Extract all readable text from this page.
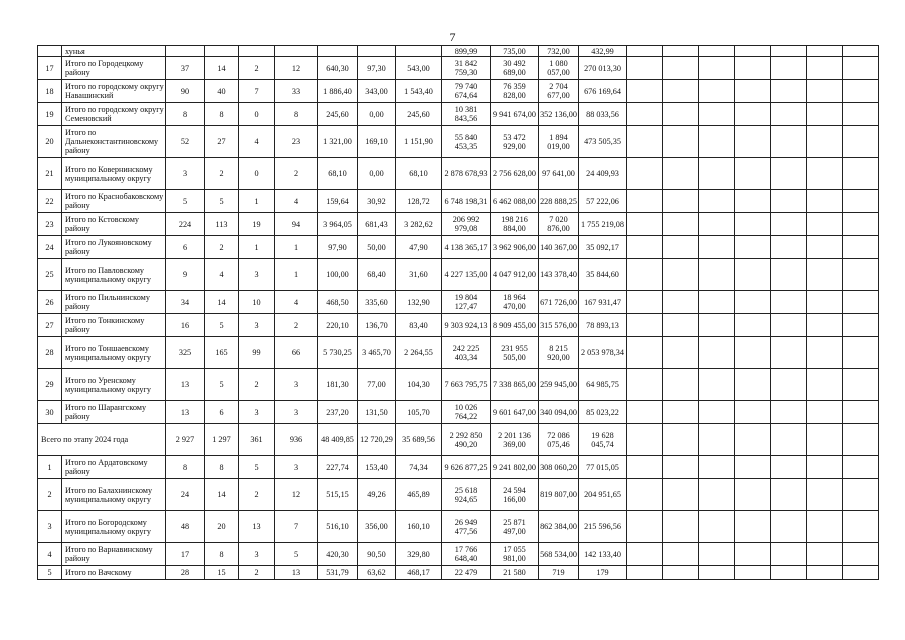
7
	хунья								899,99	735,00	732,00	432,99							
17	Итого по Городецкому району	37	14	2	12	640,30	97,30	543,00	31 842 759,30	30 492 689,00	1 080 057,00	270 013,30							
18	Итого по городскому округу Навашинский	90	40	7	33	1 886,40	343,00	1 543,40	79 740 674,64	76 359 828,00	2 704 677,00	676 169,64							
19	Итого по городскому округу Семеновский	8	8	0	8	245,60	0,00	245,60	10 381 843,56	9 941 674,00	352 136,00	88 033,56							
20	Итого по Дальнеконстантиновскому району	52	27	4	23	1 321,00	169,10	1 151,90	55 840 453,35	53 472 929,00	1 894 019,00	473 505,35							
21	Итого по Ковернинскому муниципальному округу	3	2	0	2	68,10	0,00	68,10	2 878 678,93	2 756 628,00	97 641,00	24 409,93							
22	Итого по Краснобаковскому району	5	5	1	4	159,64	30,92	128,72	6 748 198,31	6 462 088,00	228 888,25	57 222,06							
23	Итого по Кстовскому району	224	113	19	94	3 964,05	681,43	3 282,62	206 992 979,08	198 216 884,00	7 020 876,00	1 755 219,08							
24	Итого по Лукояновскому району	6	2	1	1	97,90	50,00	47,90	4 138 365,17	3 962 906,00	140 367,00	35 092,17							
25	Итого по Павловскому муниципальному округу	9	4	3	1	100,00	68,40	31,60	4 227 135,00	4 047 912,00	143 378,40	35 844,60							
26	Итого по Пильнинскому району	34	14	10	4	468,50	335,60	132,90	19 804 127,47	18 964 470,00	671 726,00	167 931,47							
27	Итого по Тонкинскому району	16	5	3	2	220,10	136,70	83,40	9 303 924,13	8 909 455,00	315 576,00	78 893,13							
28	Итого по Тоншаевскому муниципальному округу	325	165	99	66	5 730,25	3 465,70	2 264,55	242 225 403,34	231 955 505,00	8 215 920,00	2 053 978,34							
29	Итого по Уренскому муниципальному округу	13	5	2	3	181,30	77,00	104,30	7 663 795,75	7 338 865,00	259 945,00	64 985,75							
30	Итого по Шарангскому району	13	6	3	3	237,20	131,50	105,70	10 026 764,22	9 601 647,00	340 094,00	85 023,22							
Всего по этапу 2024 года		2 927	1 297	361	936	48 409,85	12 720,29	35 689,56	2 292 850 490,20	2 201 136 369,00	72 086 075,46	19 628 045,74							
1	Итого по Ардатовскому району	8	8	5	3	227,74	153,40	74,34	9 626 877,25	9 241 802,00	308 060,20	77 015,05							
2	Итого по Балахнинскому муниципальному округу	24	14	2	12	515,15	49,26	465,89	25 618 924,65	24 594 166,00	819 807,00	204 951,65							
3	Итого по Богородскому муниципальному округу	48	20	13	7	516,10	356,00	160,10	26 949 477,56	25 871 497,00	862 384,00	215 596,56							
4	Итого по Варнавинскому району	17	8	3	5	420,30	90,50	329,80	17 766 648,40	17 055 981,00	568 534,00	142 133,40							
5	Итого по Вачскому	28	15	2	13	531,79	63,62	468,17	22 479	21 580	719	179							
